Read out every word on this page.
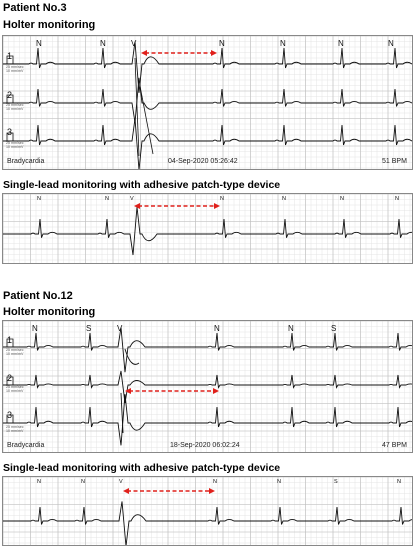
Patient No.3
Holter monitoring
N	N	V	N	N	N	N
1
2
3
25 mm/sec
10 mm/mV
25 mm/sec
10 mm/mV
25 mm/sec
10 mm/mV
Bradycardia	04-Sep-2020 05:26:42	51 BPM
Single-lead monitoring with adhesive patch-type device
N	N	V	N	N	N	N
Patient No.12
Holter monitoring
N	S	V	N	N	S
1
2
3
25 mm/sec
10 mm/mV
25 mm/sec
10 mm/mV
25 mm/sec
10 mm/mV
Bradycardia	18-Sep-2020 06:02:24	47 BPM
Single-lead monitoring with adhesive patch-type device
N	N	V	N	N	S	N
